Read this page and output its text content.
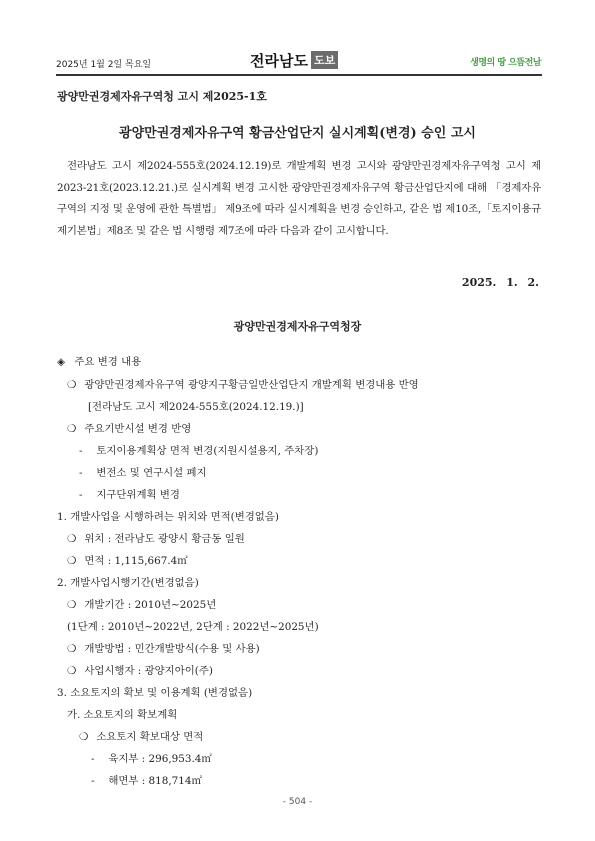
2025년 1월 2일 목요일	전라남도 도보	생명의 땅 으뜸전남
광양만권경제자유구역청 고시 제2025-1호
광양만권경제자유구역 황금산업단지 실시계획(변경) 승인 고시

전라남도 고시 제2024-555호(2024.12.19)로 개발계획 변경 고시와 광양만권경제자유구역청 고시 제2023-21호(2023.12.21.)로 실시계획 변경 고시한 광양만권경제자유구역 황금산업단지에 대해 「경제자유구역의 지정 및 운영에 관한 특별법」 제9조에 따라 실시계획을 변경 승인하고, 같은 법 제10조,「토지이용규제기본법」제8조 및 같은 법 시행령 제7조에 따라 다음과 같이 고시합니다.

2025. 1. 2.
광양만권경제자유구역청장
◈ 주요 변경 내용
❍ 광양만권경제자유구역 광양지구황금일반산업단지 개발계획 변경내용 반영
[전라남도 고시 제2024-555호(2024.12.19.)]
❍ 주요기반시설 변경 반영
- 토지이용계획상 면적 변경(지원시설용지, 주차장)
- 변전소 및 연구시설 폐지
- 지구단위계획 변경
1. 개발사업을 시행하려는 위치와 면적(변경없음)
❍ 위치 : 전라남도 광양시 황금동 일원
❍ 면적 : 1,115,667.4㎡
2. 개발사업시행기간(변경없음)
❍ 개발기간 : 2010년∼2025년
(1단계 : 2010년∼2022년, 2단계 : 2022년∼2025년)
❍ 개발방법 : 민간개발방식(수용 및 사용)
❍ 사업시행자 : 광양지아이(주)
3. 소요토지의 확보 및 이용계획 (변경없음)
가. 소요토지의 확보계획
❍ 소요토지 확보대상 면적
- 육지부 : 296,953.4㎡
- 해면부 : 818,714㎡
- 504 -
